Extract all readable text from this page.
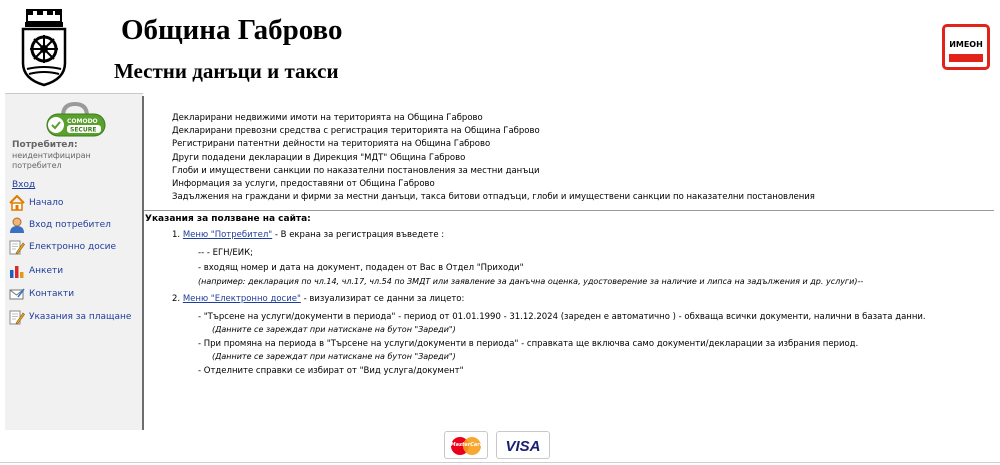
Община Габрово
Местни данъци и такси
ИМЕОН
COMODO
SECURE
Потребител:
неидентифициран потребител
Вход
Начало
Вход потребител
Електронно досие
Анкети
Контакти
Указания за плащане
Декларирани недвижими имоти на територията на Община Габрово
Декларирани превозни средства с регистрация територията на Община Габрово
Регистрирани патентни дейности на територията на Община Габрово
Други подадени декларации в Дирекция "МДТ" Община Габрово
Глоби и имуществени санкции по наказателни постановления за местни данъци
Информация за услуги, предоставяни от Община Габрово
Задължения на граждани и фирми за местни данъци, такса битови отпадъци, глоби и имуществени санкции по наказателни постановления
Указания за ползване на сайта:
1. Меню "Потребител" - В екрана за регистрация въведете :
-- - ЕГН/ЕИК;
- входящ номер и дата на документ, подаден от Вас в Отдел "Приходи"
(например: декларация по чл.14, чл.17, чл.54 по ЗМДТ или заявление за данъчна оценка, удостоверение за наличие и липса на задължения и др. услуги)--
2. Меню "Електронно досие" - визуализират се данни за лицето:
- "Търсене на услуги/документи в периода" - период от 01.01.1990 - 31.12.2024 (зареден е автоматично ) - обхваща всички документи, налични в базата данни.
(Данните се зареждат при натискане на бутон "Зареди")
- При промяна на периода в "Търсене на услуги/документи в периода" - справката ще включва само документи/декларации за избрания период.
(Данните се зареждат при натискане на бутон "Зареди")
- Отделните справки се избират от "Вид услуга/документ"
MasterCard	VISA
